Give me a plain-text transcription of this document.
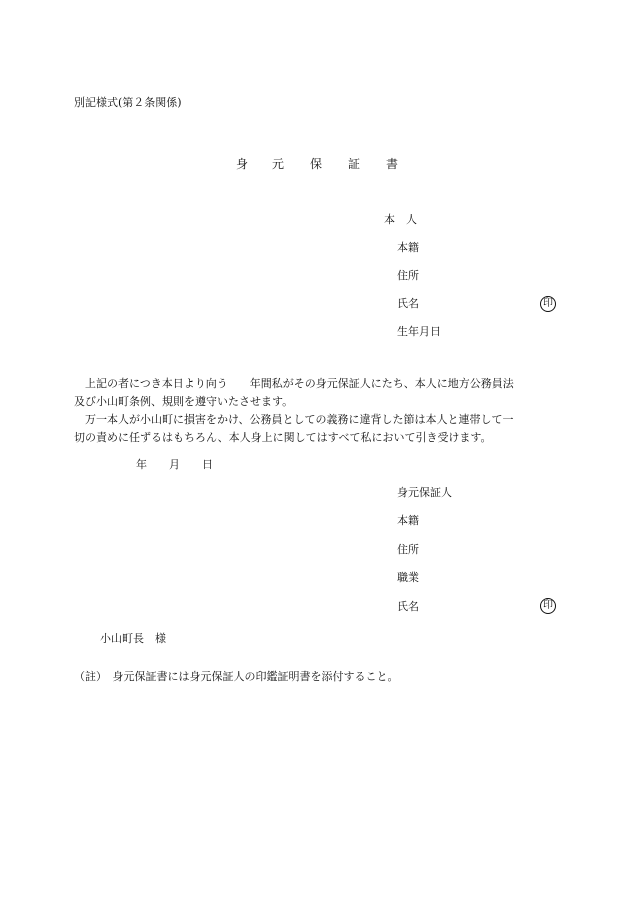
別記様式(第２条関係)
身 元 保 証 書
本　人
本籍
住所
氏名	印
生年月日

上記の者につき本日より向う　　年間私がその身元保証人にたち、本人に地方公務員法

及び小山町条例、規則を遵守いたさせます。

万一本人が小山町に損害をかけ、公務員としての義務に違背した節は本人と連帯して一

切の責めに任ずるはもちろん、本人身上に関してはすべて私において引き受けます。

年　　月　　日
身元保証人
本籍
住所
職業
氏名	印
小山町長　様
（註）　身元保証書には身元保証人の印鑑証明書を添付すること。
